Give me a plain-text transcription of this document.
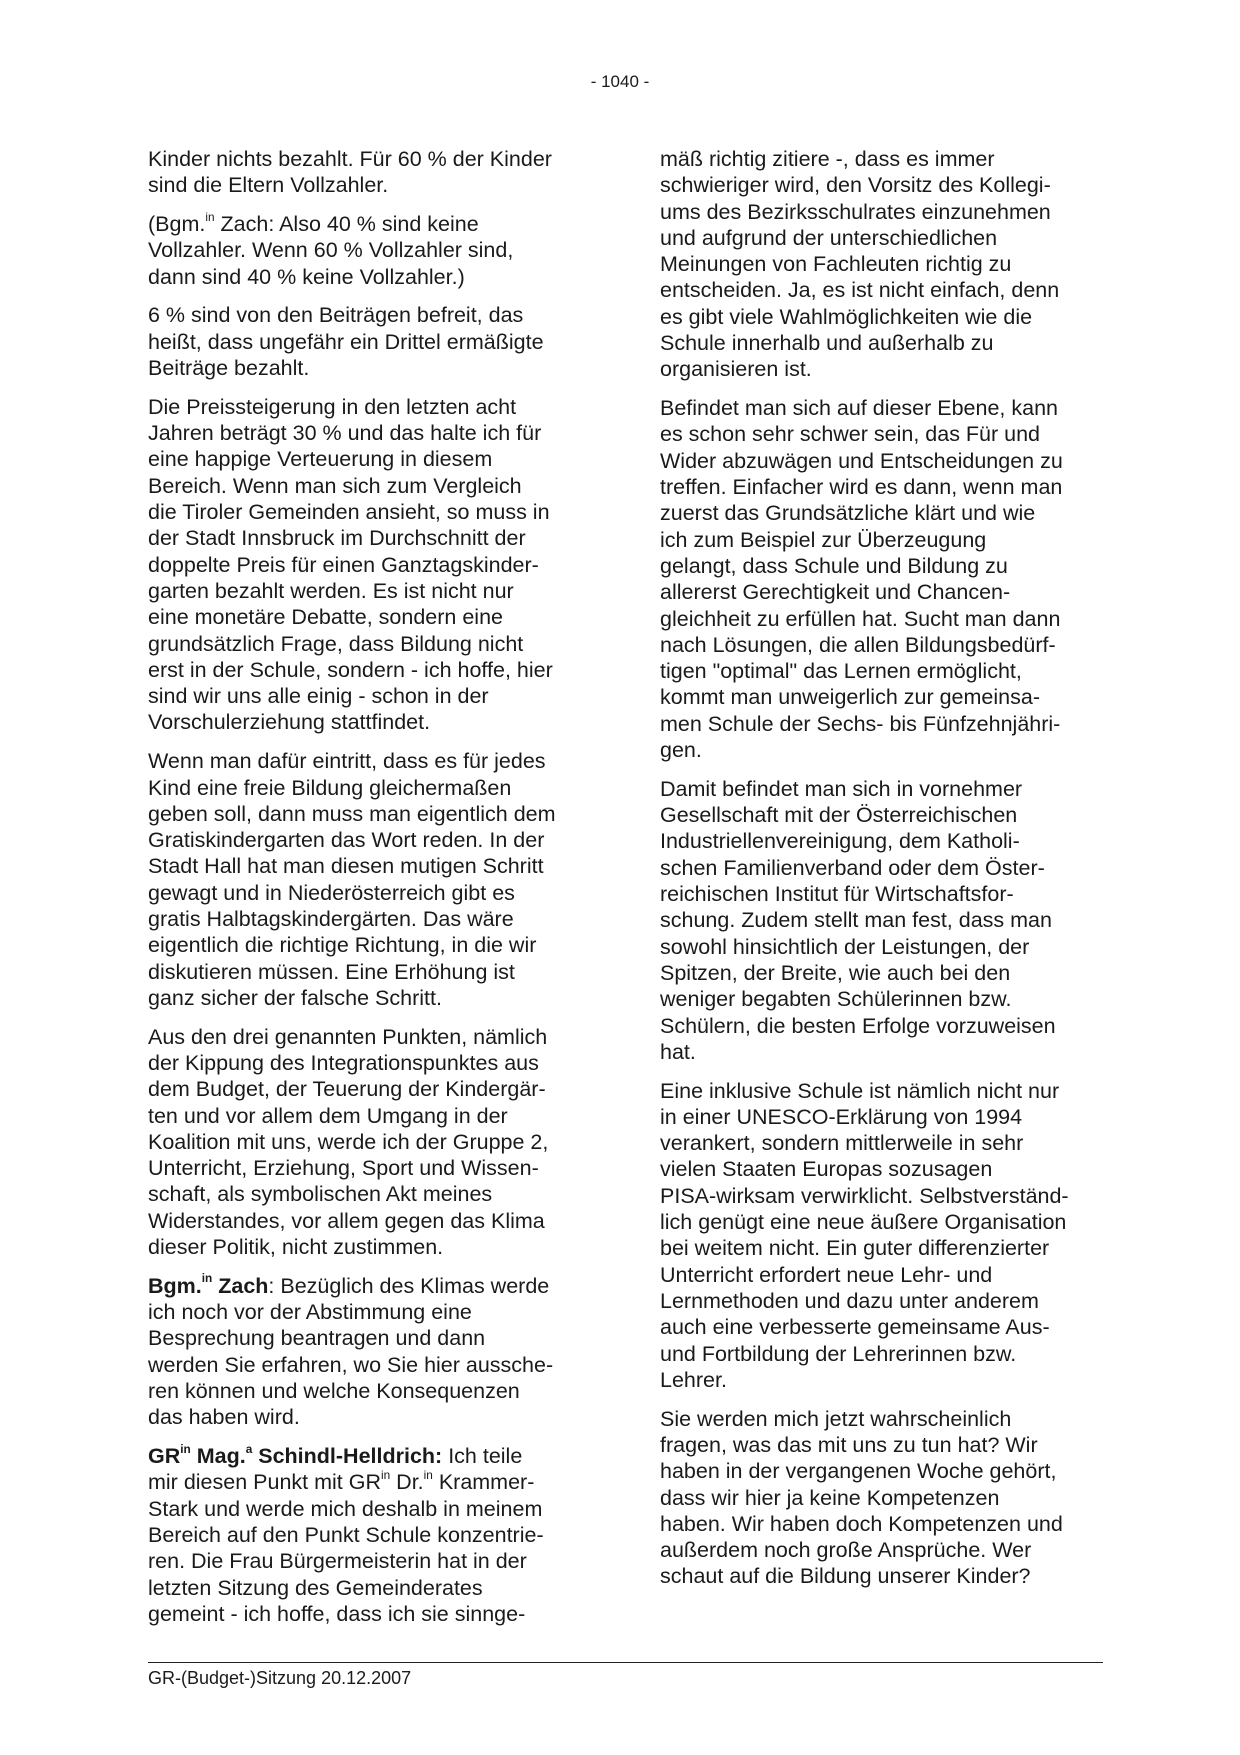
- 1040 -

Kinder nichts bezahlt. Für 60 % der Kinder
sind die Eltern Vollzahler.

(Bgm.$^{in}$ Zach: Also 40 % sind keine
Vollzahler. Wenn 60 % Vollzahler sind,
dann sind 40 % keine Vollzahler.)

6 % sind von den Beiträgen befreit, das
heißt, dass ungefähr ein Drittel ermäßigte
Beiträge bezahlt.

Die Preissteigerung in den letzten acht
Jahren beträgt 30 % und das halte ich für
eine happige Verteuerung in diesem
Bereich. Wenn man sich zum Vergleich
die Tiroler Gemeinden ansieht, so muss in
der Stadt Innsbruck im Durchschnitt der
doppelte Preis für einen Ganztagskinder-
garten bezahlt werden. Es ist nicht nur
eine monetäre Debatte, sondern eine
grundsätzlich Frage, dass Bildung nicht
erst in der Schule, sondern - ich hoffe, hier
sind wir uns alle einig - schon in der
Vorschulerziehung stattfindet.

Wenn man dafür eintritt, dass es für jedes
Kind eine freie Bildung gleichermaßen
geben soll, dann muss man eigentlich dem
Gratiskindergarten das Wort reden. In der
Stadt Hall hat man diesen mutigen Schritt
gewagt und in Niederösterreich gibt es
gratis Halbtagskindergärten. Das wäre
eigentlich die richtige Richtung, in die wir
diskutieren müssen. Eine Erhöhung ist
ganz sicher der falsche Schritt.

Aus den drei genannten Punkten, nämlich
der Kippung des Integrationspunktes aus
dem Budget, der Teuerung der Kindergär-
ten und vor allem dem Umgang in der
Koalition mit uns, werde ich der Gruppe 2,
Unterricht, Erziehung, Sport und Wissen-
schaft, als symbolischen Akt meines
Widerstandes, vor allem gegen das Klima
dieser Politik, nicht zustimmen.

Bgm.$^{in}$ Zach: Bezüglich des Klimas werde
ich noch vor der Abstimmung eine
Besprechung beantragen und dann
werden Sie erfahren, wo Sie hier aussche-
ren können und welche Konsequenzen
das haben wird.

$GR^{in}$ Mag.$^a$ Schindl-Helldrich: Ich teile
mir diesen Punkt mit $GR^{in}$ Dr.$^{in}$ Krammer-
Stark und werde mich deshalb in meinem
Bereich auf den Punkt Schule konzentrie-
ren. Die Frau Bürgermeisterin hat in der
letzten Sitzung des Gemeinderates
gemeint - ich hoffe, dass ich sie sinnge-

mäß richtig zitiere -, dass es immer
schwieriger wird, den Vorsitz des Kollegi-
ums des Bezirksschulrates einzunehmen
und aufgrund der unterschiedlichen
Meinungen von Fachleuten richtig zu
entscheiden. Ja, es ist nicht einfach, denn
es gibt viele Wahlmöglichkeiten wie die
Schule innerhalb und außerhalb zu
organisieren ist.

Befindet man sich auf dieser Ebene, kann
es schon sehr schwer sein, das Für und
Wider abzuwägen und Entscheidungen zu
treffen. Einfacher wird es dann, wenn man
zuerst das Grundsätzliche klärt und wie
ich zum Beispiel zur Überzeugung
gelangt, dass Schule und Bildung zu
allererst Gerechtigkeit und Chancen-
gleichheit zu erfüllen hat. Sucht man dann
nach Lösungen, die allen Bildungsbedürf-
tigen "optimal" das Lernen ermöglicht,
kommt man unweigerlich zur gemeinsa-
men Schule der Sechs- bis Fünfzehnjähri-
gen.

Damit befindet man sich in vornehmer
Gesellschaft mit der Österreichischen
Industriellenvereinigung, dem Katholi-
schen Familienverband oder dem Öster-
reichischen Institut für Wirtschaftsfor-
schung. Zudem stellt man fest, dass man
sowohl hinsichtlich der Leistungen, der
Spitzen, der Breite, wie auch bei den
weniger begabten Schülerinnen bzw.
Schülern, die besten Erfolge vorzuweisen
hat.

Eine inklusive Schule ist nämlich nicht nur
in einer UNESCO-Erklärung von 1994
verankert, sondern mittlerweile in sehr
vielen Staaten Europas sozusagen
PISA-wirksam verwirklicht. Selbstverständ-
lich genügt eine neue äußere Organisation
bei weitem nicht. Ein guter differenzierter
Unterricht erfordert neue Lehr- und
Lernmethoden und dazu unter anderem
auch eine verbesserte gemeinsame Aus-
und Fortbildung der Lehrerinnen bzw.
Lehrer.

Sie werden mich jetzt wahrscheinlich
fragen, was das mit uns zu tun hat? Wir
haben in der vergangenen Woche gehört,
dass wir hier ja keine Kompetenzen
haben. Wir haben doch Kompetenzen und
außerdem noch große Ansprüche. Wer
schaut auf die Bildung unserer Kinder?

GR-(Budget-)Sitzung 20.12.2007
